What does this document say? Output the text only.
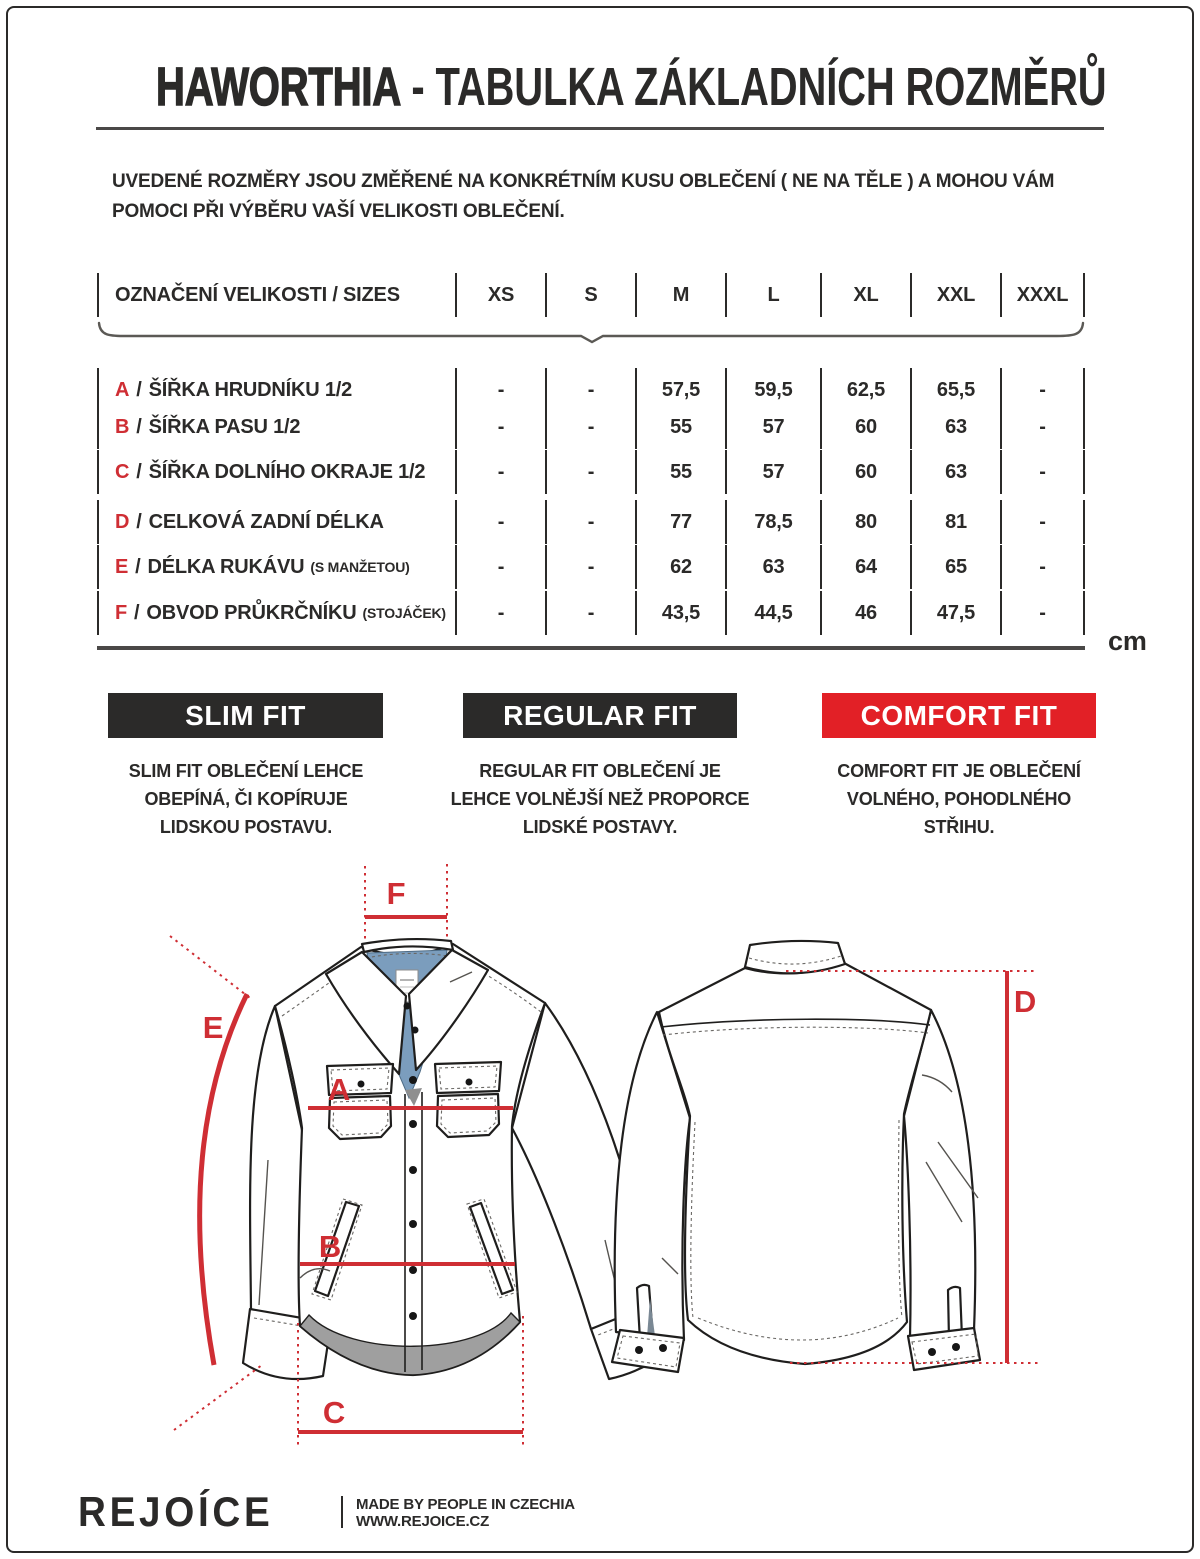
HAWORTHIA - TABULKA ZÁKLADNÍCH ROZMĚRŮ
UVEDENÉ ROZMĚRY JSOU ZMĚŘENÉ NA KONKRÉTNÍM KUSU OBLEČENÍ ( NE NA TĚLE ) A MOHOU VÁM POMOCI PŘI VÝBĚRU VAŠÍ VELIKOSTI OBLEČENÍ.
OZNAČENÍ VELIKOSTI / SIZES	XS	S	M	L	XL	XXL	XXXL
A / ŠÍŘKA HRUDNÍKU 1/2	-	-	57,5	59,5	62,5	65,5	-
B / ŠÍŘKA PASU 1/2	-	-	55	57	60	63	-
C / ŠÍŘKA DOLNÍHO OKRAJE 1/2	-	-	55	57	60	63	-
D / CELKOVÁ ZADNÍ DÉLKA	-	-	77	78,5	80	81	-
E / DÉLKA RUKÁVU (S MANŽETOU)	-	-	62	63	64	65	-
F / OBVOD PRŮKRČNÍKU (STOJÁČEK)	-	-	43,5	44,5	46	47,5	-
cm
SLIM FIT	REGULAR FIT	COMFORT FIT
SLIM FIT OBLEČENÍ LEHCE OBEPÍNÁ, ČI KOPÍRUJE LIDSKOU POSTAVU.
REGULAR FIT OBLEČENÍ JE LEHCE VOLNĚJŠÍ NEŽ PROPORCE LIDSKÉ POSTAVY.
COMFORT FIT JE OBLEČENÍ VOLNÉHO, POHODLNÉHO STŘIHU.
F
E
A
B
C
D
REJOÍCE	MADE BY PEOPLE IN CZECHIA
WWW.REJOICE.CZ
